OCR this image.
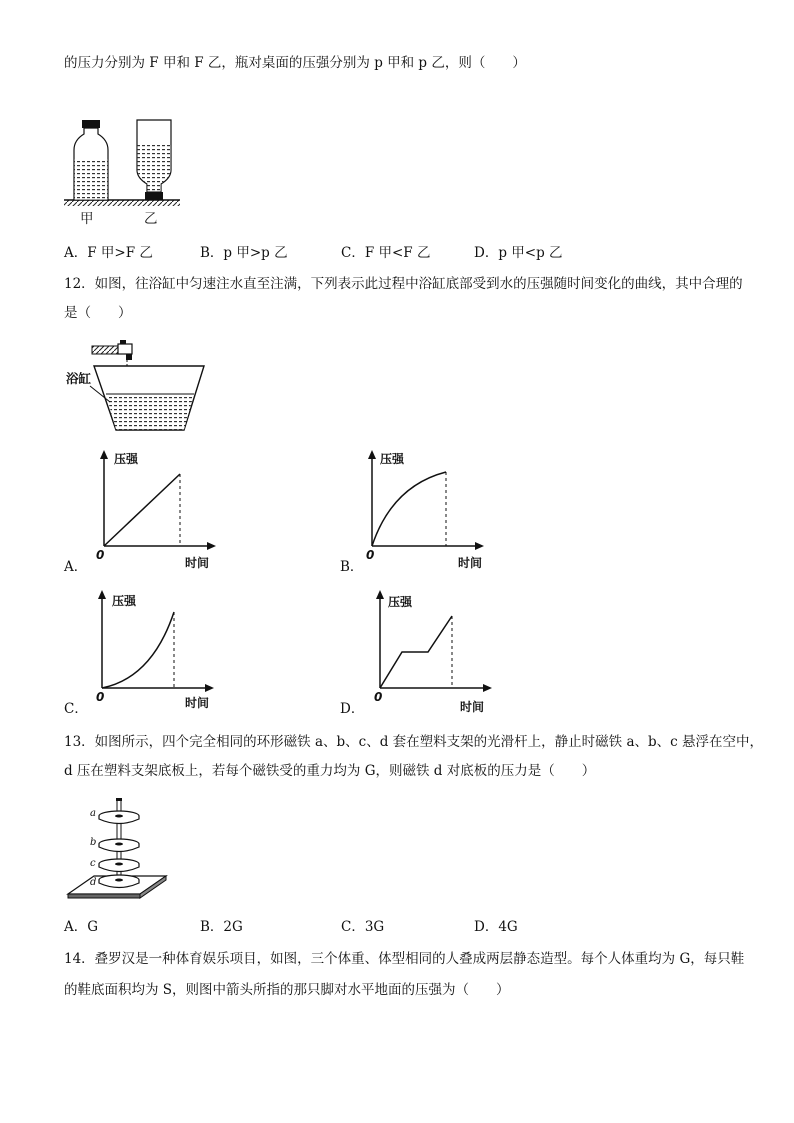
的压力分别为 F 甲和 F 乙，瓶对桌面的压强分别为 p 甲和 p 乙，则（　　）
甲	乙
A．F 甲>F 乙	B．p 甲>p 乙	C．F 甲<F 乙	D．p 甲<p 乙
12．如图，往浴缸中匀速注水直至注满，下列表示此过程中浴缸底部受到水的压强随时间变化的曲线，其中合理的
是（　　）
浴缸
压强
0
时间
A．
压强
0
时间
B．
压强
0	时间
C．
压强
0
时间
D．
13．如图所示，四个完全相同的环形磁铁 a、b、c、d 套在塑料支架的光滑杆上，静止时磁铁 a、b、c 悬浮在空中，
d 压在塑料支架底板上，若每个磁铁受的重力均为 G，则磁铁 d 对底板的压力是（　　）
a
b
c
d
A．G	B．2G	C．3G	D．4G
14．叠罗汉是一种体育娱乐项目，如图，三个体重、体型相同的人叠成两层静态造型。每个人体重均为 G，每只鞋
的鞋底面积均为 S，则图中箭头所指的那只脚对水平地面的压强为（　　）
